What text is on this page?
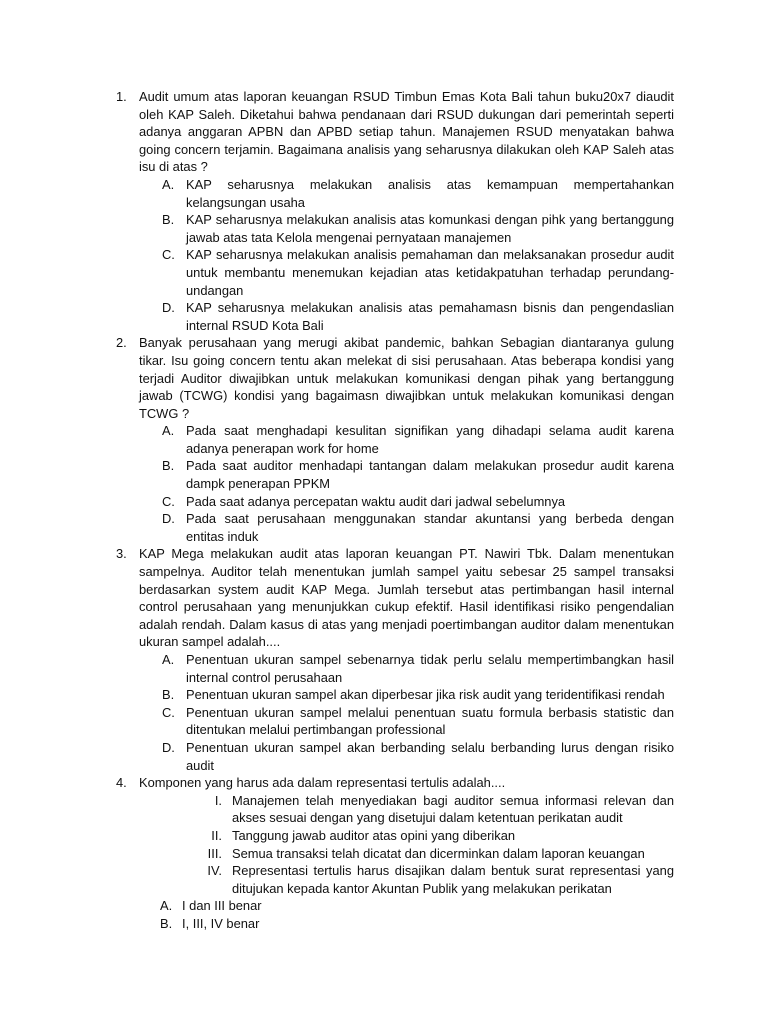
1. Audit umum atas laporan keuangan RSUD Timbun Emas Kota Bali tahun buku20x7 diaudit oleh KAP Saleh. Diketahui bahwa pendanaan dari RSUD dukungan dari pemerintah seperti adanya anggaran APBN dan APBD setiap tahun. Manajemen RSUD menyatakan bahwa going concern terjamin. Bagaimana analisis yang seharusnya dilakukan oleh KAP Saleh atas isu di atas ?
A. KAP seharusnya melakukan analisis atas kemampuan mempertahankan kelangsungan usaha
B. KAP seharusnya melakukan analisis atas komunkasi dengan pihk yang bertanggung jawab atas tata Kelola mengenai pernyataan manajemen
C. KAP seharusnya melakukan analisis pemahaman dan melaksanakan prosedur audit untuk membantu menemukan kejadian atas ketidakpatuhan terhadap perundang-undangan
D. KAP seharusnya melakukan analisis atas pemahamasn bisnis dan pengendaslian internal RSUD Kota Bali
2. Banyak perusahaan yang merugi akibat pandemic, bahkan Sebagian diantaranya gulung tikar. Isu going concern tentu akan melekat di sisi perusahaan. Atas beberapa kondisi yang terjadi Auditor diwajibkan untuk melakukan komunikasi dengan pihak yang bertanggung jawab (TCWG) kondisi yang bagaimasn diwajibkan untuk melakukan komunikasi dengan TCWG ?
A. Pada saat menghadapi kesulitan signifikan yang dihadapi selama audit karena adanya penerapan work for home
B. Pada saat auditor menhadapi tantangan dalam melakukan prosedur audit karena dampk penerapan PPKM
C. Pada saat adanya percepatan waktu audit dari jadwal sebelumnya
D. Pada saat perusahaan menggunakan standar akuntansi yang berbeda dengan entitas induk
3. KAP Mega melakukan audit atas laporan keuangan PT. Nawiri Tbk. Dalam menentukan sampelnya. Auditor telah menentukan jumlah sampel yaitu sebesar 25 sampel transaksi berdasarkan system audit KAP Mega. Jumlah tersebut atas pertimbangan hasil internal control perusahaan yang menunjukkan cukup efektif. Hasil identifikasi risiko pengendalian adalah rendah. Dalam kasus di atas yang menjadi poertimbangan auditor dalam menentukan ukuran sampel adalah....
A. Penentuan ukuran sampel sebenarnya tidak perlu selalu mempertimbangkan hasil internal control perusahaan
B. Penentuan ukuran sampel akan diperbesar jika risk audit yang teridentifikasi rendah
C. Penentuan ukuran sampel melalui penentuan suatu formula berbasis statistic dan ditentukan melalui pertimbangan professional
D. Penentuan ukuran sampel akan berbanding selalu berbanding lurus dengan risiko audit
4. Komponen yang harus ada dalam representasi tertulis adalah....
I. Manajemen telah menyediakan bagi auditor semua informasi relevan dan akses sesuai dengan yang disetujui dalam ketentuan perikatan audit
II. Tanggung jawab auditor atas opini yang diberikan
III. Semua transaksi telah dicatat dan dicerminkan dalam laporan keuangan
IV. Representasi tertulis harus disajikan dalam bentuk surat representasi yang ditujukan kepada kantor Akuntan Publik yang melakukan perikatan
A. I dan III benar
B. I, III, IV benar
